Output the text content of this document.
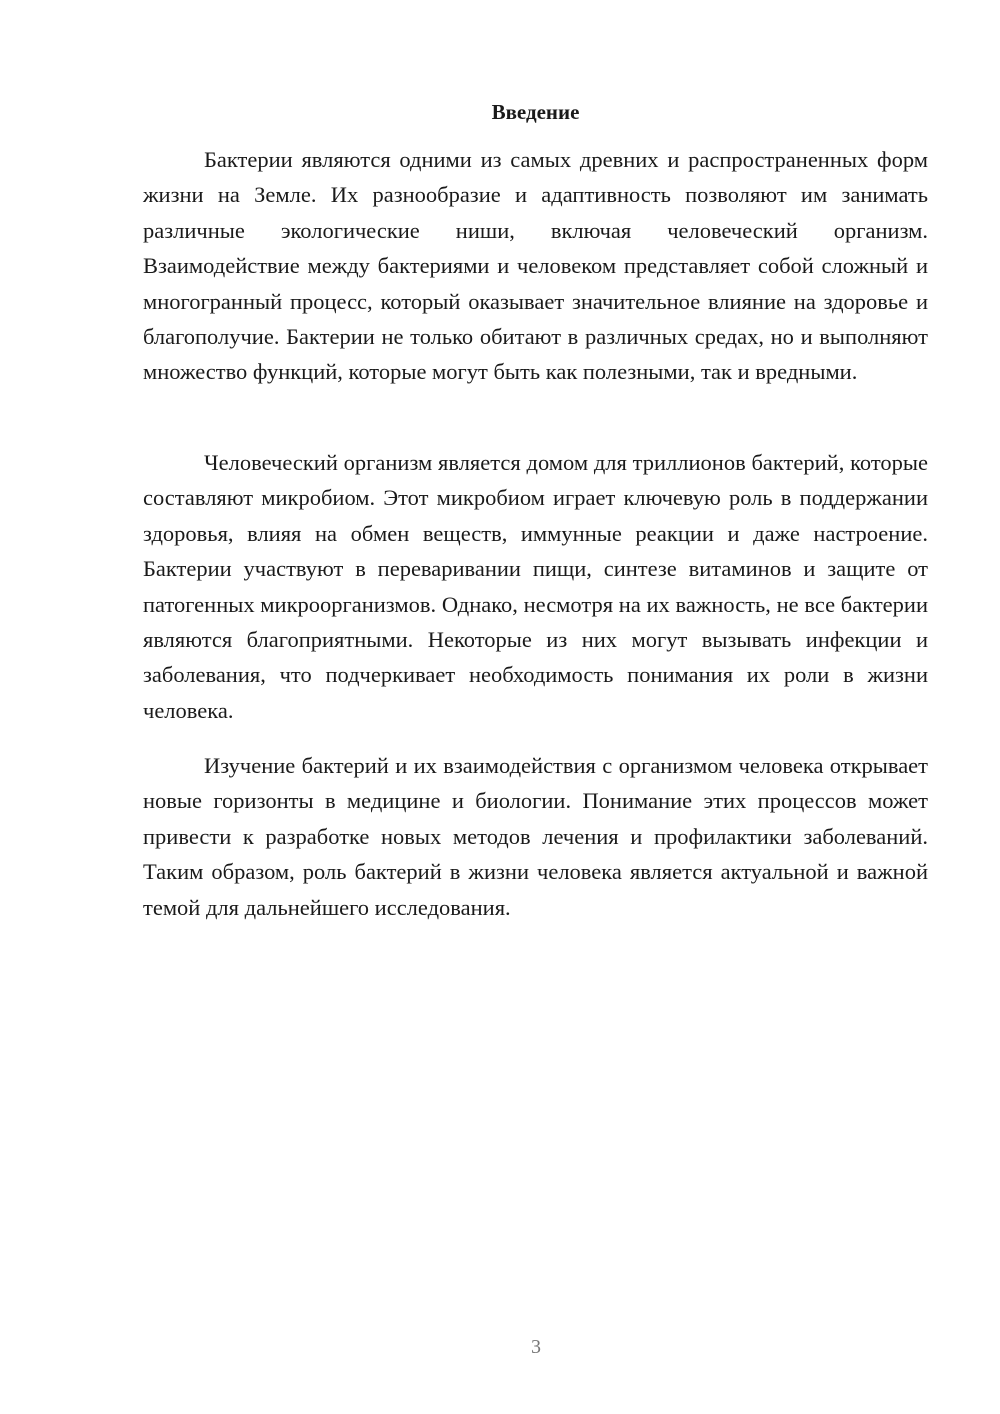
Введение

Бактерии являются одними из самых древних и распространенных форм жизни на Земле. Их разнообразие и адаптивность позволяют им занимать различные экологические ниши, включая человеческий организм. Взаимодействие между бактериями и человеком представляет собой сложный и многогранный процесс, который оказывает значительное влияние на здоровье и благополучие. Бактерии не только обитают в различных средах, но и выполняют множество функций, которые могут быть как полезными, так и вредными.

Человеческий организм является домом для триллионов бактерий, которые составляют микробиом. Этот микробиом играет ключевую роль в поддержании здоровья, влияя на обмен веществ, иммунные реакции и даже настроение. Бактерии участвуют в переваривании пищи, синтезе витаминов и защите от патогенных микроорганизмов. Однако, несмотря на их важность, не все бактерии являются благоприятными. Некоторые из них могут вызывать инфекции и заболевания, что подчеркивает необходимость понимания их роли в жизни человека.

Изучение бактерий и их взаимодействия с организмом человека открывает новые горизонты в медицине и биологии. Понимание этих процессов может привести к разработке новых методов лечения и профилактики заболеваний. Таким образом, роль бактерий в жизни человека является актуальной и важной темой для дальнейшего исследования.

3
